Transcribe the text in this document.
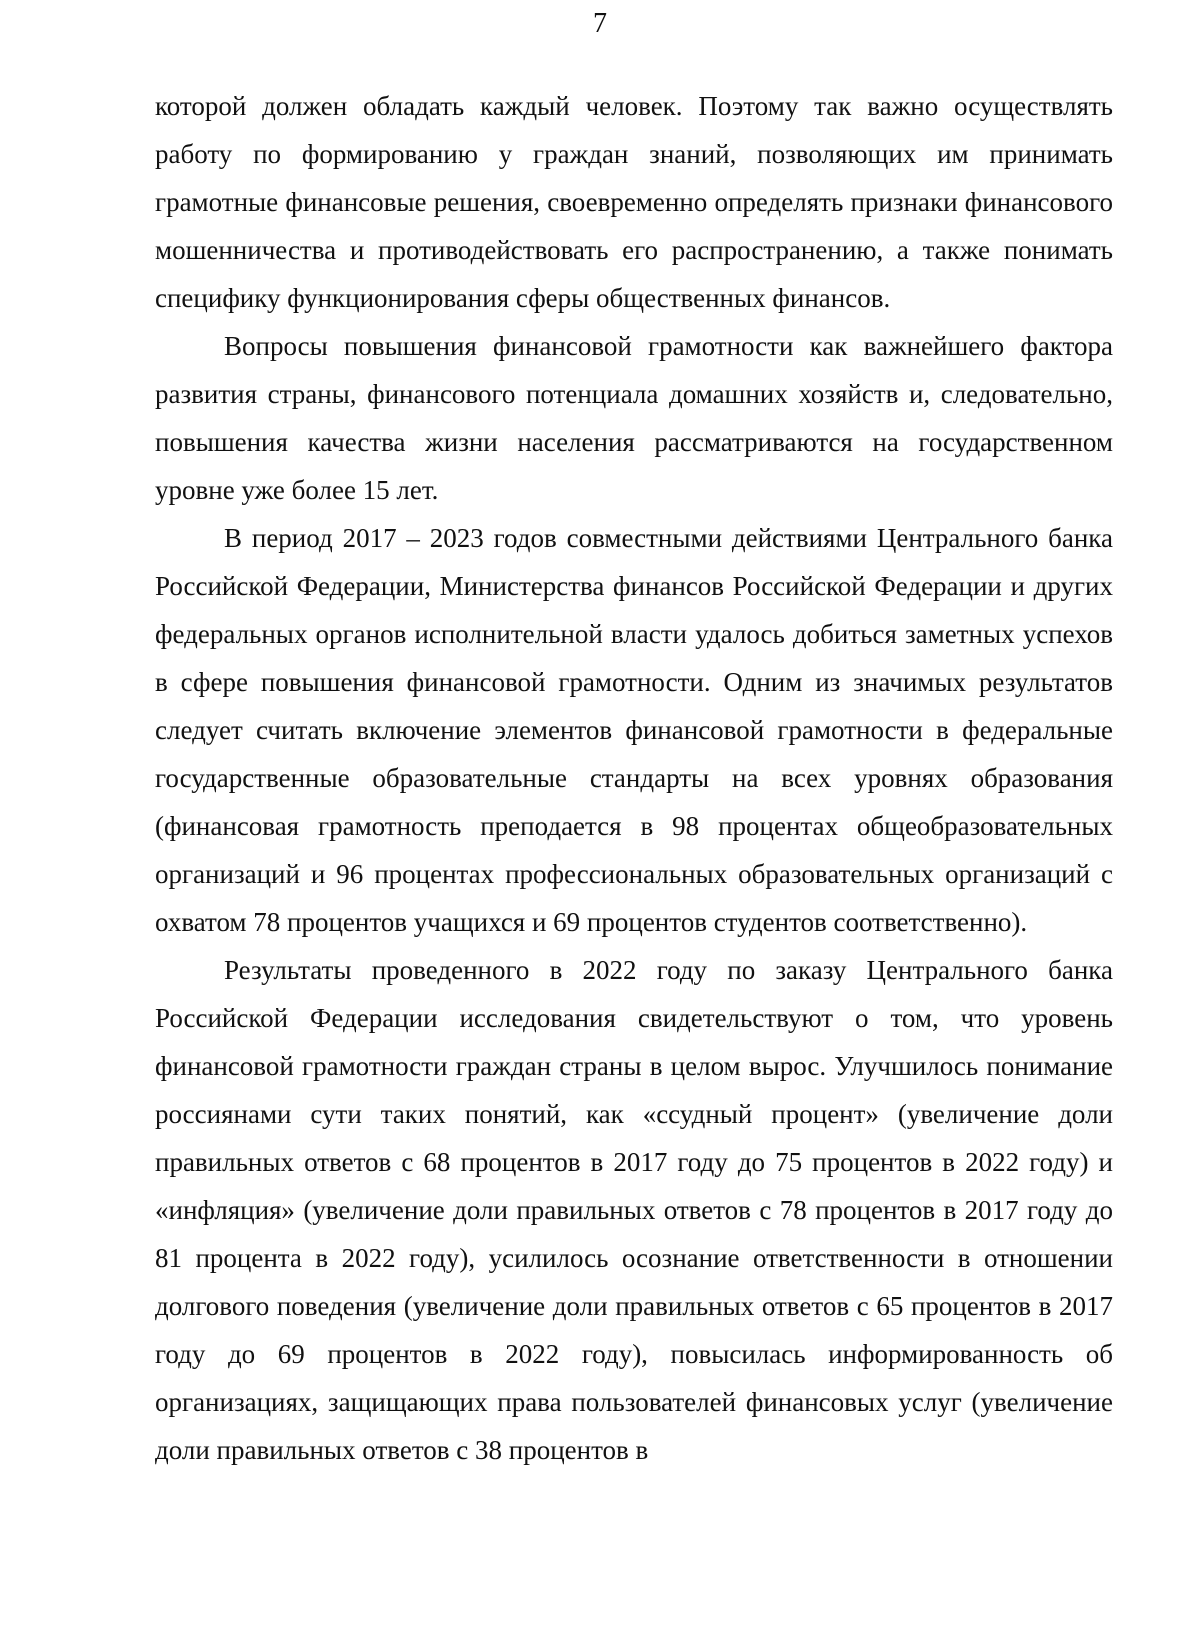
7

которой должен обладать каждый человек. Поэтому так важно осуществлять работу по формированию у граждан знаний, позволяющих им принимать грамотные финансовые решения, своевременно определять признаки финансового мошенничества и противодействовать его распространению, а также понимать специфику функционирования сферы общественных финансов.

Вопросы повышения финансовой грамотности как важнейшего фактора развития страны, финансового потенциала домашних хозяйств и, следовательно, повышения качества жизни населения рассматриваются на государственном уровне уже более 15 лет.

В период 2017 – 2023 годов совместными действиями Центрального банка Российской Федерации, Министерства финансов Российской Федерации и других федеральных органов исполнительной власти удалось добиться заметных успехов в сфере повышения финансовой грамотности. Одним из значимых результатов следует считать включение элементов финансовой грамотности в федеральные государственные образовательные стандарты на всех уровнях образования (финансовая грамотность преподается в 98 процентах общеобразовательных организаций и 96 процентах профессиональных образовательных организаций с охватом 78 процентов учащихся и 69 процентов студентов соответственно).

Результаты проведенного в 2022 году по заказу Центрального банка Российской Федерации исследования свидетельствуют о том, что уровень финансовой грамотности граждан страны в целом вырос. Улучшилось понимание россиянами сути таких понятий, как «ссудный процент» (увеличение доли правильных ответов с 68 процентов в 2017 году до 75 процентов в 2022 году) и «инфляция» (увеличение доли правильных ответов с 78 процентов в 2017 году до 81 процента в 2022 году), усилилось осознание ответственности в отношении долгового поведения (увеличение доли правильных ответов с 65 процентов в 2017 году до 69 процентов в 2022 году), повысилась информированность об организациях, защищающих права пользователей финансовых услуг (увеличение доли правильных ответов с 38 процентов в
